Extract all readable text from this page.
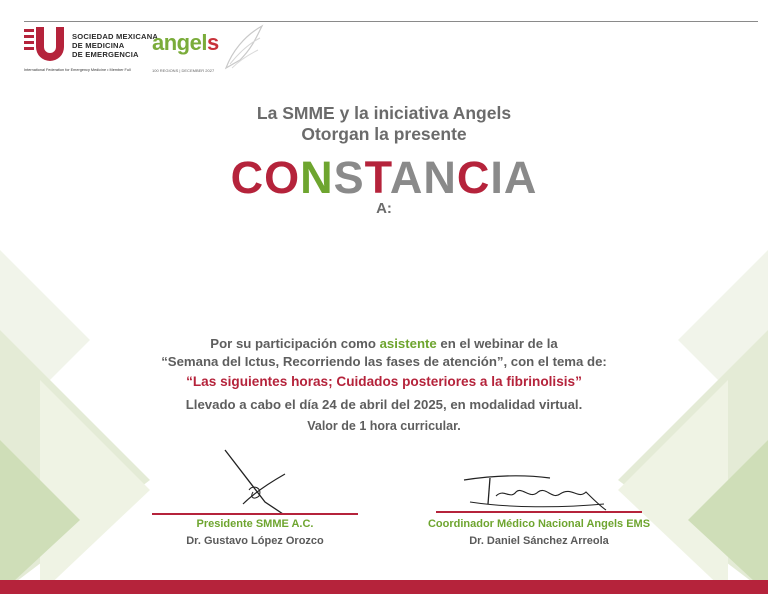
SOCIEDAD MEXICANA
DE MEDICINA
DE EMERGENCIA
International Federation for Emergency Medicine • Member Full
angels
100 REGIONS | DECEMBER 2027
La SMME y la iniciativa Angels
Otorgan la presente
CONSTANCIA
A:
Por su participación como asistente en el webinar de la
“Semana del Ictus, Recorriendo las fases de atención”, con el tema de:
“Las siguientes horas; Cuidados posteriores a la fibrinolisis”
Llevado a cabo el día 24 de abril del 2025, en modalidad virtual.
Valor de 1 hora curricular.
Presidente SMME A.C.
Dr. Gustavo López Orozco
Coordinador Médico Nacional Angels EMS
Dr. Daniel Sánchez Arreola
